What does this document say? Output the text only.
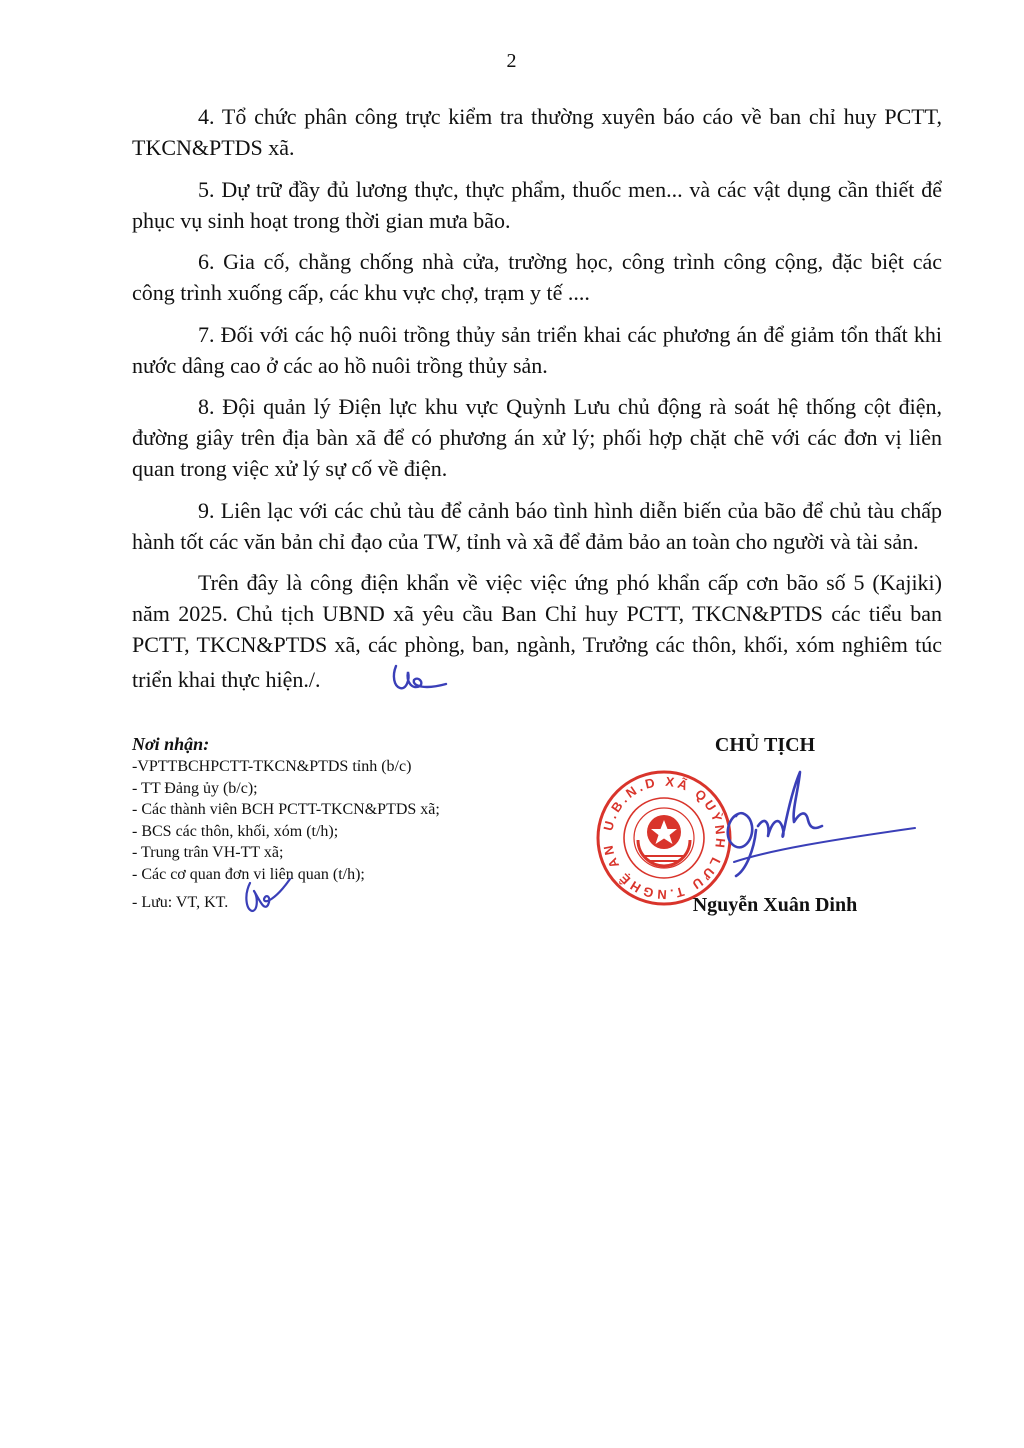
2

4. Tổ chức phân công trực kiểm tra thường xuyên báo cáo về ban chỉ huy PCTT, TKCN&PTDS xã.

5. Dự trữ đầy đủ lương thực, thực phẩm, thuốc men... và các vật dụng cần thiết để phục vụ sinh hoạt trong thời gian mưa bão.

6. Gia cố, chằng chống nhà cửa, trường học, công trình công cộng, đặc biệt các công trình xuống cấp, các khu vực chợ, trạm y tế ....

7. Đối với các hộ nuôi trồng thủy sản triển khai các phương án để giảm tổn thất khi nước dâng cao ở các ao hồ nuôi trồng thủy sản.

8. Đội quản lý Điện lực khu vực Quỳnh Lưu chủ động rà soát hệ thống cột điện, đường giây trên địa bàn xã để có phương án xử lý; phối hợp chặt chẽ với các đơn vị liên quan trong việc xử lý sự cố về điện.

9. Liên lạc với các chủ tàu để cảnh báo tình hình diễn biến của bão để chủ tàu chấp hành tốt các văn bản chỉ đạo của TW, tỉnh và xã để đảm bảo an toàn cho người và tài sản.

Trên đây là công điện khẩn về việc việc ứng phó khẩn cấp cơn bão số 5 (Kajiki) năm 2025. Chủ tịch UBND xã yêu cầu Ban Chỉ huy PCTT, TKCN&PTDS các tiểu ban PCTT, TKCN&PTDS xã, các phòng, ban, ngành, Trưởng các thôn, khối, xóm nghiêm túc triển khai thực hiện./.

Nơi nhận:

-VPTTBCHPCTT-TKCN&PTDS tỉnh (b/c)
- TT Đảng ủy (b/c);
- Các thành viên BCH PCTT-TKCN&PTDS xã;
- BCS các thôn, khối, xóm (t/h);
- Trung trân VH-TT xã;
- Các cơ quan đơn vi liên quan (t/h);
- Lưu: VT, KT.
CHỦ TỊCH
U.B.N.D XÃ QUỲNH LƯU T.NGHỆ AN
Nguyễn Xuân Dinh
